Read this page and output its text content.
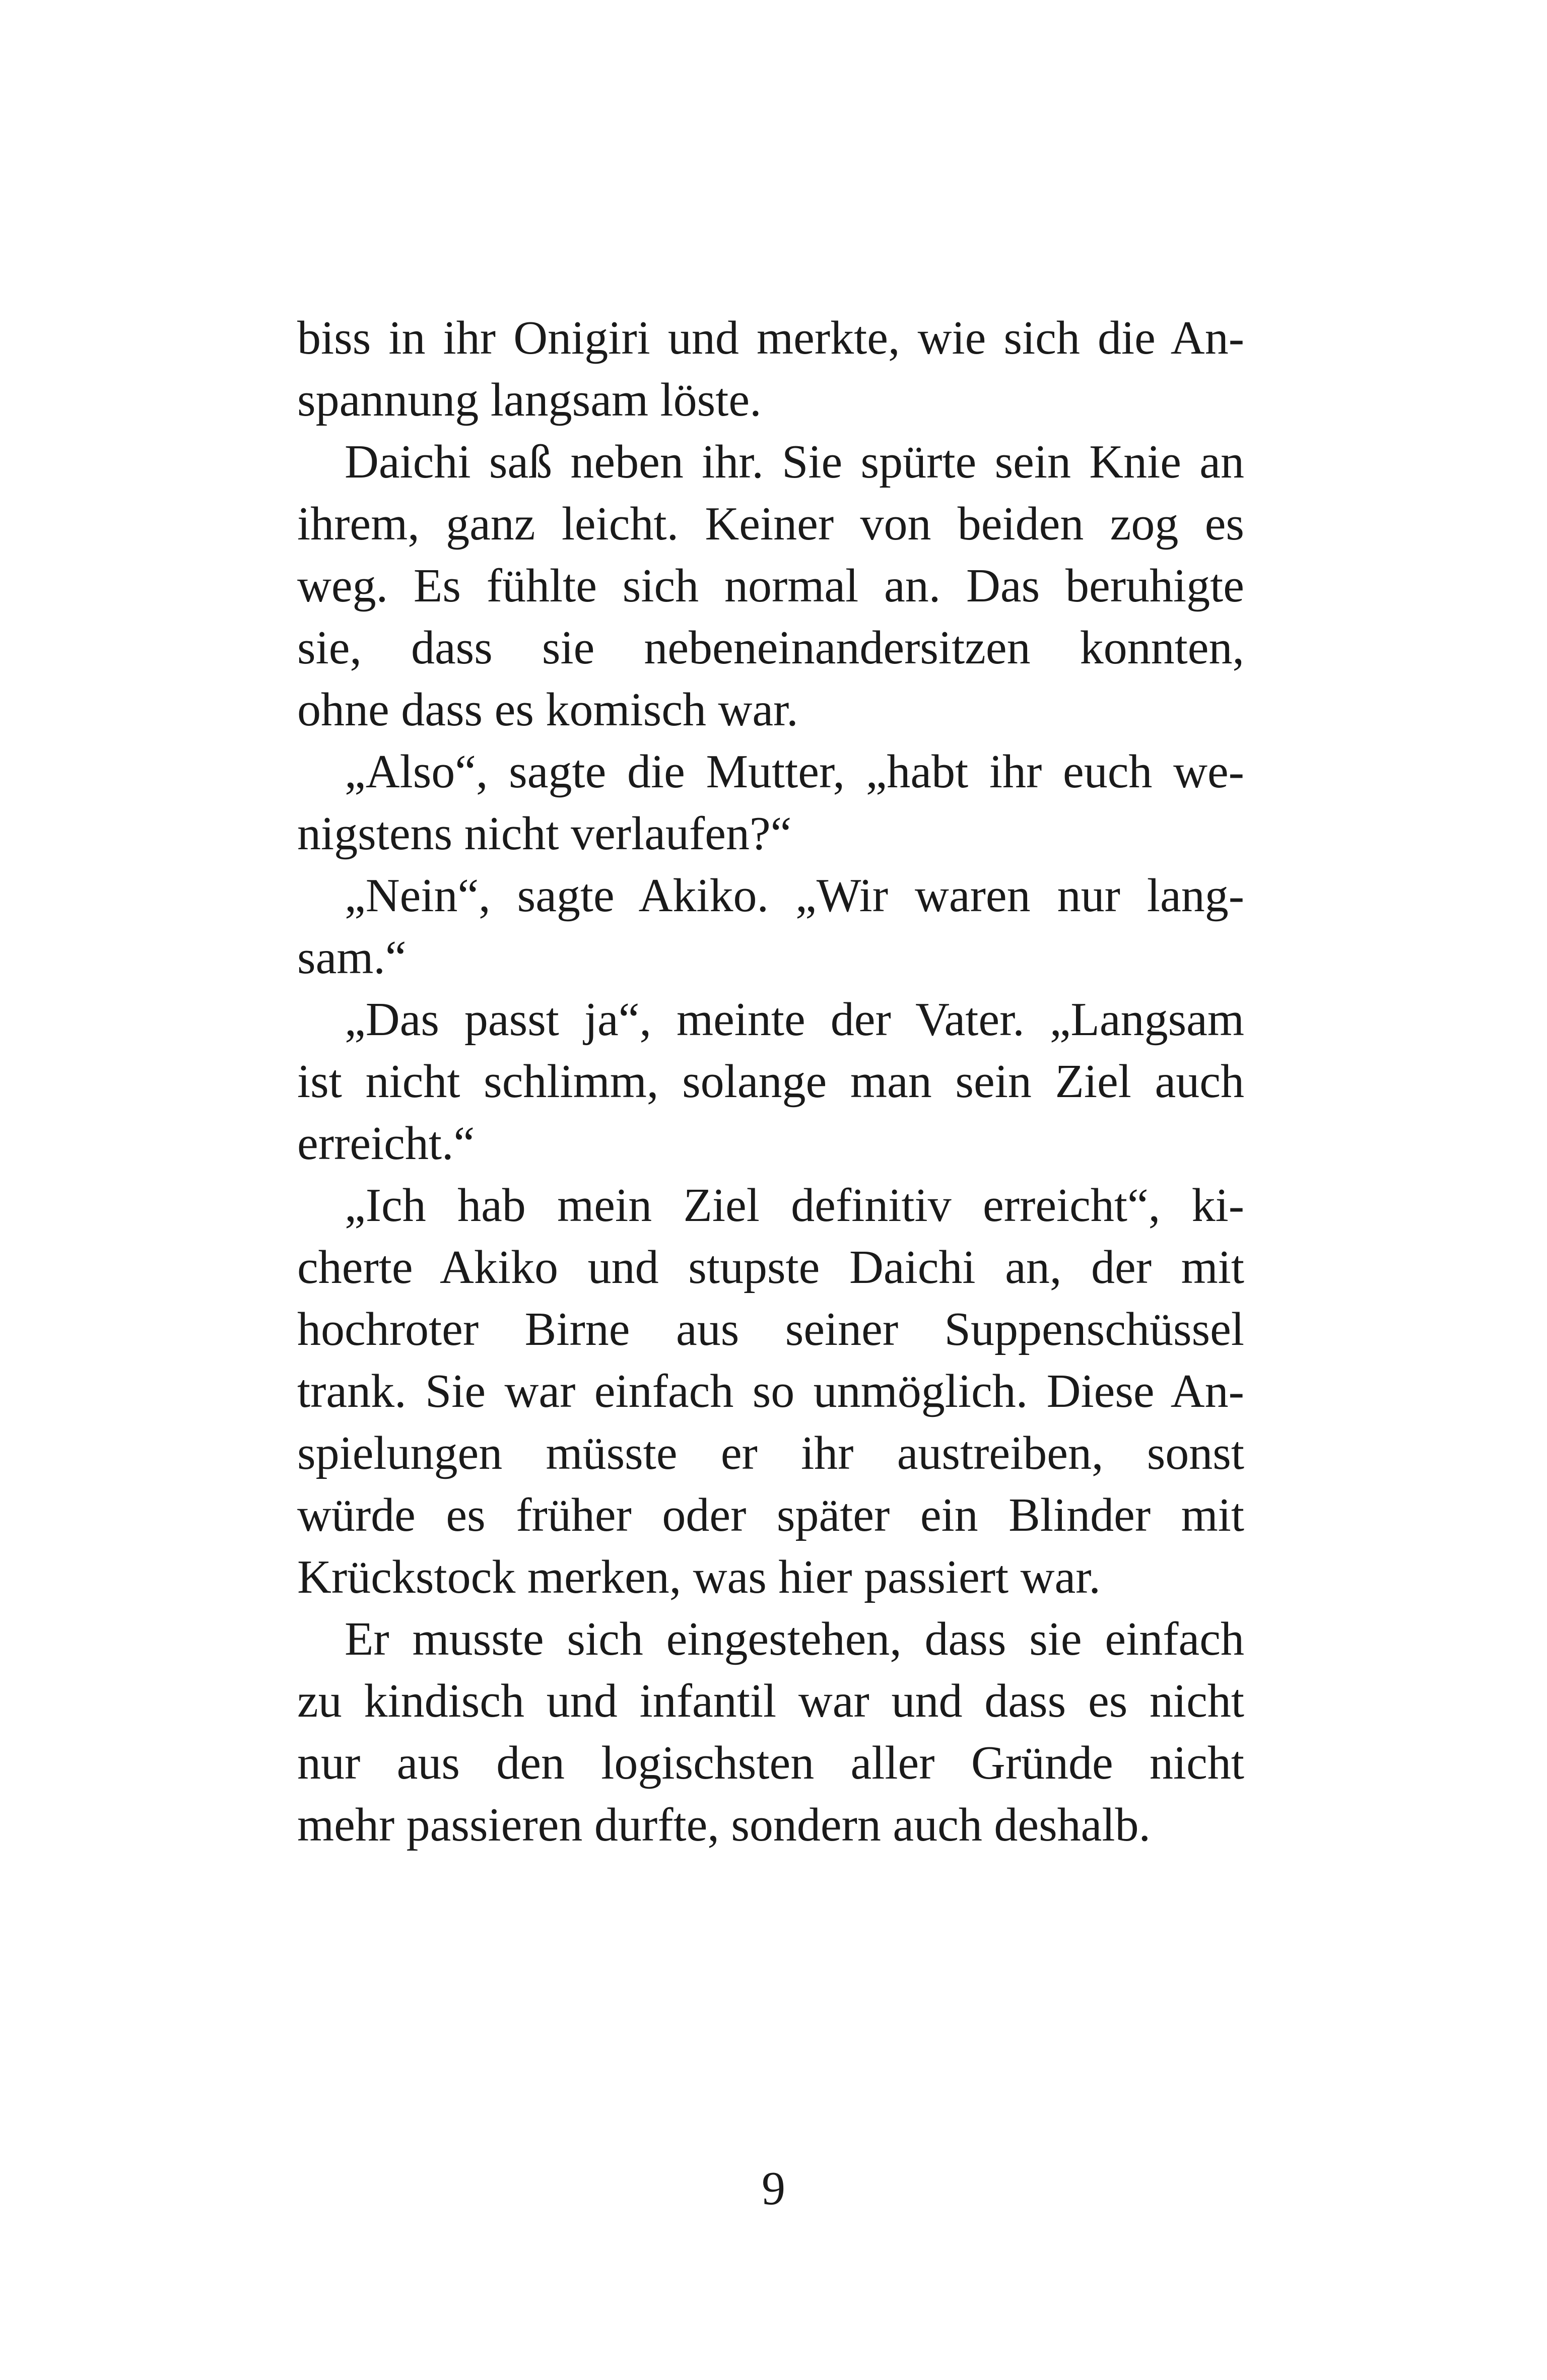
biss in ihr Onigiri und merkte, wie sich die An-
spannung langsam löste.
Daichi saß neben ihr. Sie spürte sein Knie an
ihrem, ganz leicht. Keiner von beiden zog es
weg. Es fühlte sich normal an. Das beruhigte
sie, dass sie nebeneinandersitzen konnten,
ohne dass es komisch war.
„Also“, sagte die Mutter, „habt ihr euch we-
nigstens nicht verlaufen?“
„Nein“, sagte Akiko. „Wir waren nur lang-
sam.“
„Das passt ja“, meinte der Vater. „Langsam
ist nicht schlimm, solange man sein Ziel auch
erreicht.“
„Ich hab mein Ziel definitiv erreicht“, ki-
cherte Akiko und stupste Daichi an, der mit
hochroter Birne aus seiner Suppenschüssel
trank. Sie war einfach so unmöglich. Diese An-
spielungen müsste er ihr austreiben, sonst
würde es früher oder später ein Blinder mit
Krückstock merken, was hier passiert war.
Er musste sich eingestehen, dass sie einfach
zu kindisch und infantil war und dass es nicht
nur aus den logischsten aller Gründe nicht
mehr passieren durfte, sondern auch deshalb.
9
